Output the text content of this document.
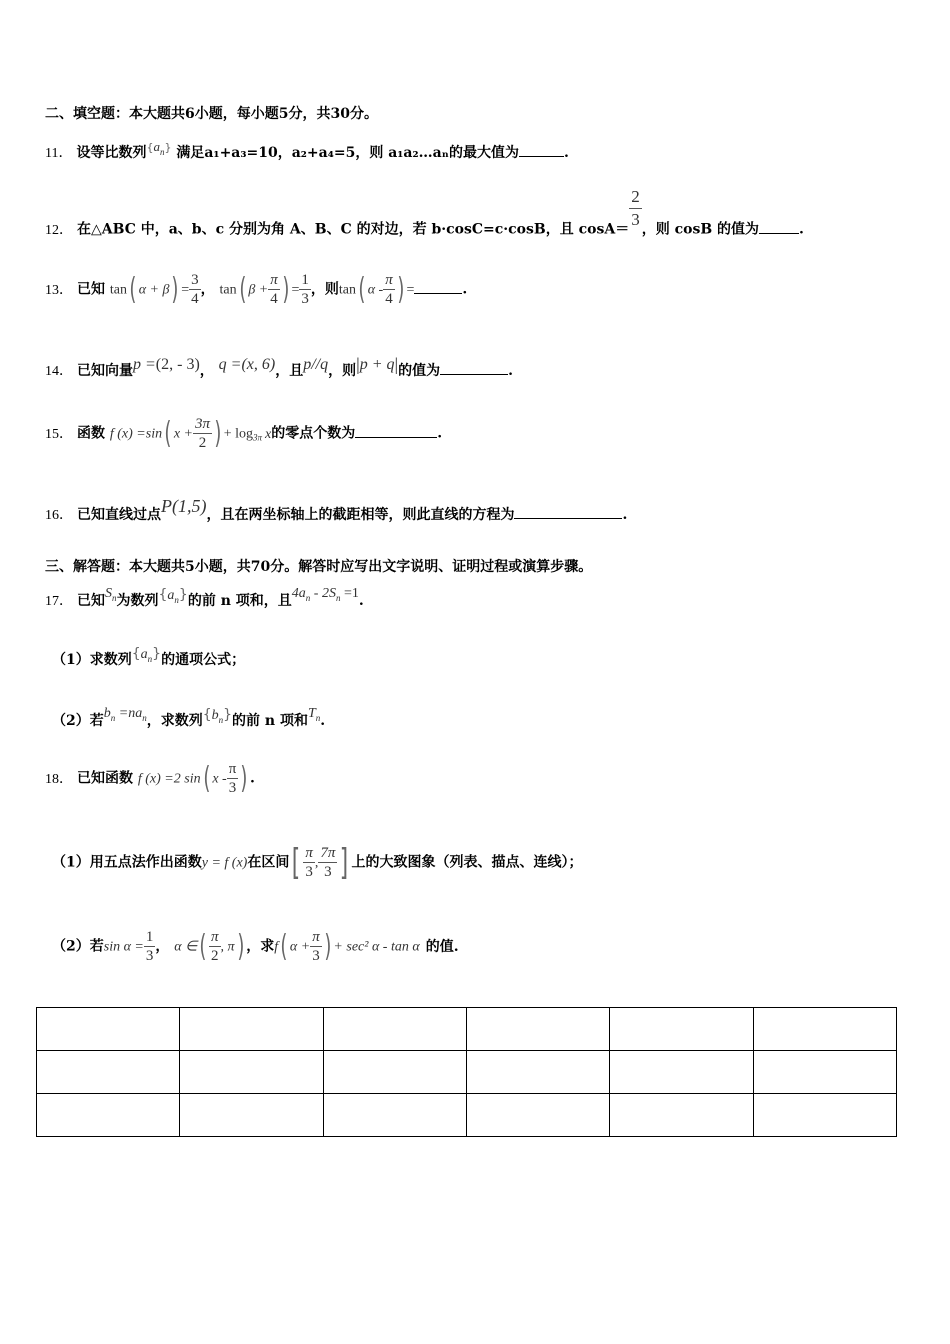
二、填空题：本大题共6小题，每小题5分，共30分。
11． 设等比数列$^{\{}a_n^{\}}$ 满足a₁+a₃=10，a₂+a₄=5，则 a₁a₂…aₙ的最大值为	.
12． 在△ABC 中，a、b、c 分别为角 A、B、C 的对边，若 b·cosC=c·cosB，且 $\cos A= \frac{2}{3}$ ，则 cosB 的值为	.
13． 已知 tan( $\alpha + \beta) = \frac{3}{4}$ ， tan( $\beta + \frac{\pi}{4}$ ) = $\frac{1}{3}$ ，则tan( α - $\frac{\pi}{4}$ ) =	.
14． 已知向量p =(2, - 3)， q =(x, 6)，且p//q，则|p + q|的值为	.
15． 函数 f (x) =sin( $x + \frac{3\pi}{2}$ ) + $\log_{3\pi} x$的零点个数为	.
16． 已知直线过点P(1,5)，且在两坐标轴上的截距相等，则此直线的方程为	.
三、解答题：本大题共5小题，共70分。解答时应写出文字说明、证明过程或演算步骤。
17． 已知$S_n$为数列$\{a_n\}$的前 n 项和，且$4a_n - 2S_n =1$.
（1）求数列$\{a_n\}$的通项公式；
（2）若$b_n =na_n$，求数列$\{b_n\}$的前 n 项和$T_n$.
18． 已知函数 f (x) =2 sin( x - $\frac{\pi}{3}$ ) .
（1）用五点法作出函数y = f (x)在区间[ $\frac{\pi}{3}$ , $\frac{7\pi}{3}$ ] 上的大致图象（列表、描点、连线）；
（2）若$\sin \alpha = \frac{1}{3}$ ， α ∈( $\frac{\pi}{2}$ , π) ，求f( $\alpha + \frac{\pi}{3}$ ) + sec² α - tan α 的值.
